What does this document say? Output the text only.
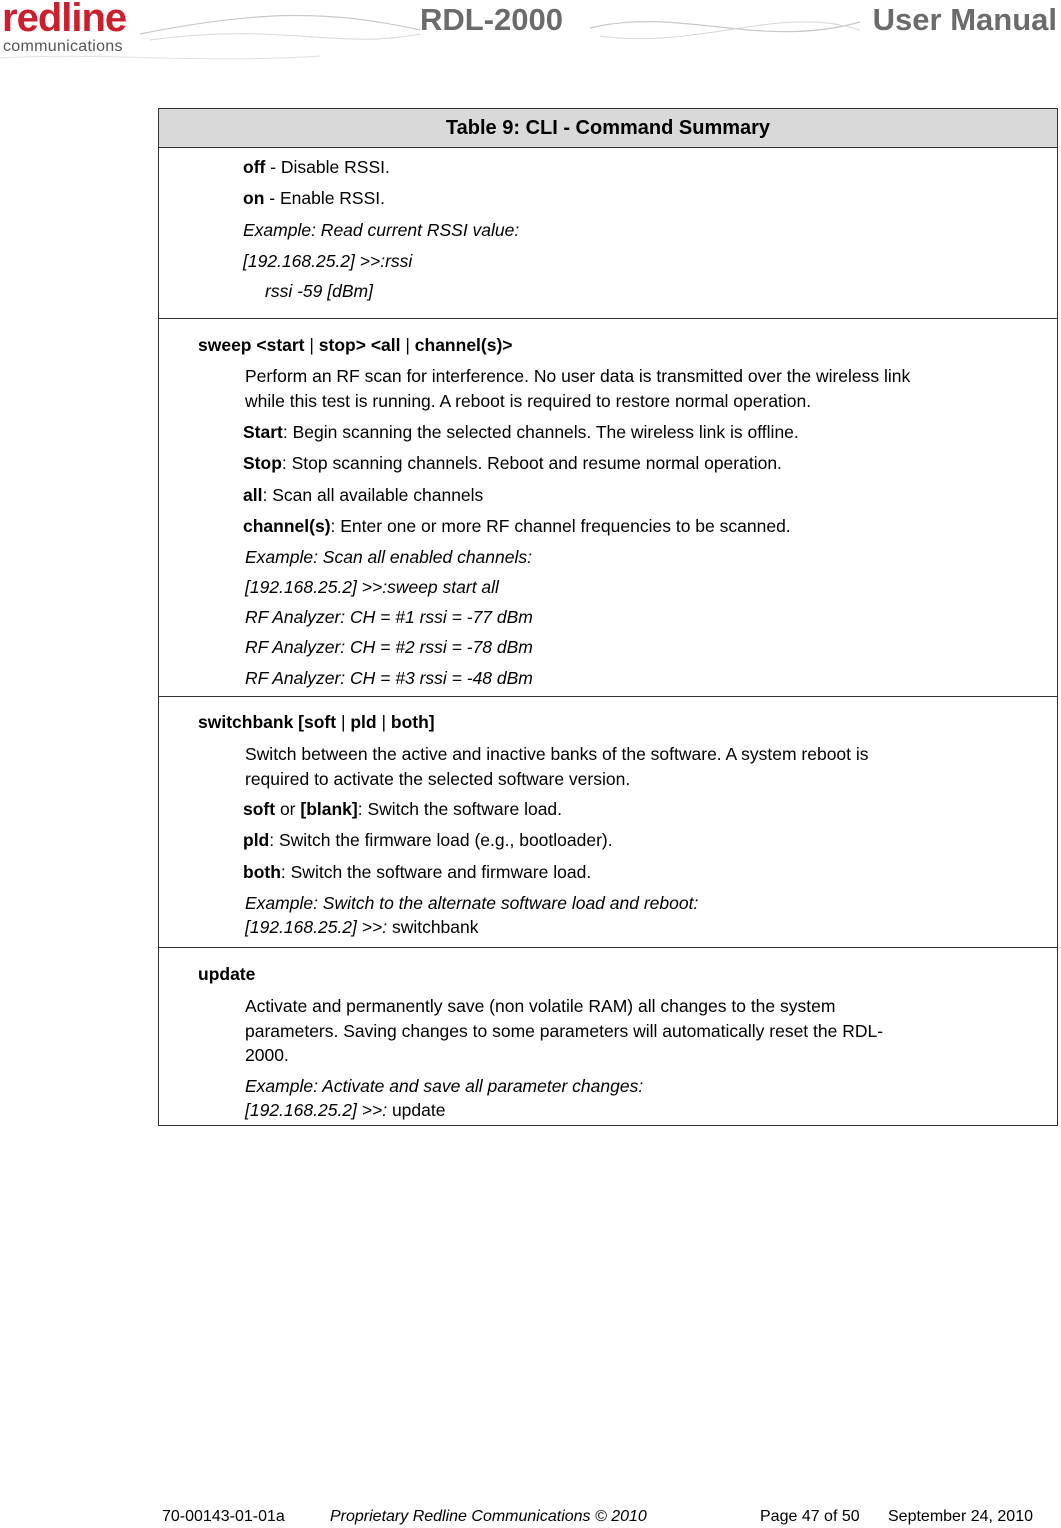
redline
communications
RDL-2000	User Manual
Table 9: CLI - Command Summary
off - Disable RSSI.
on - Enable RSSI.
Example: Read current RSSI value:
[192.168.25.2] >>:rssi
rssi -59 [dBm]
sweep <start | stop> <all | channel(s)>
Perform an RF scan for interference. No user data is transmitted over the wireless link
while this test is running. A reboot is required to restore normal operation.
Start: Begin scanning the selected channels. The wireless link is offline.
Stop: Stop scanning channels. Reboot and resume normal operation.
all: Scan all available channels
channel(s): Enter one or more RF channel frequencies to be scanned.
Example: Scan all enabled channels:
[192.168.25.2] >>:sweep start all
RF Analyzer: CH = #1 rssi = -77 dBm
RF Analyzer: CH = #2 rssi = -78 dBm
RF Analyzer: CH = #3 rssi = -48 dBm
switchbank [soft | pld | both]
Switch between the active and inactive banks of the software. A system reboot is
required to activate the selected software version.
soft or [blank]: Switch the software load.
pld: Switch the firmware load (e.g., bootloader).
both: Switch the software and firmware load.
Example: Switch to the alternate software load and reboot:
[192.168.25.2] >>: switchbank
update
Activate and permanently save (non volatile RAM) all changes to the system
parameters. Saving changes to some parameters will automatically reset the RDL-
2000.
Example: Activate and save all parameter changes:
[192.168.25.2] >>: update
70-00143-01-01a	Proprietary Redline Communications © 2010	Page 47 of 50 September 24, 2010
